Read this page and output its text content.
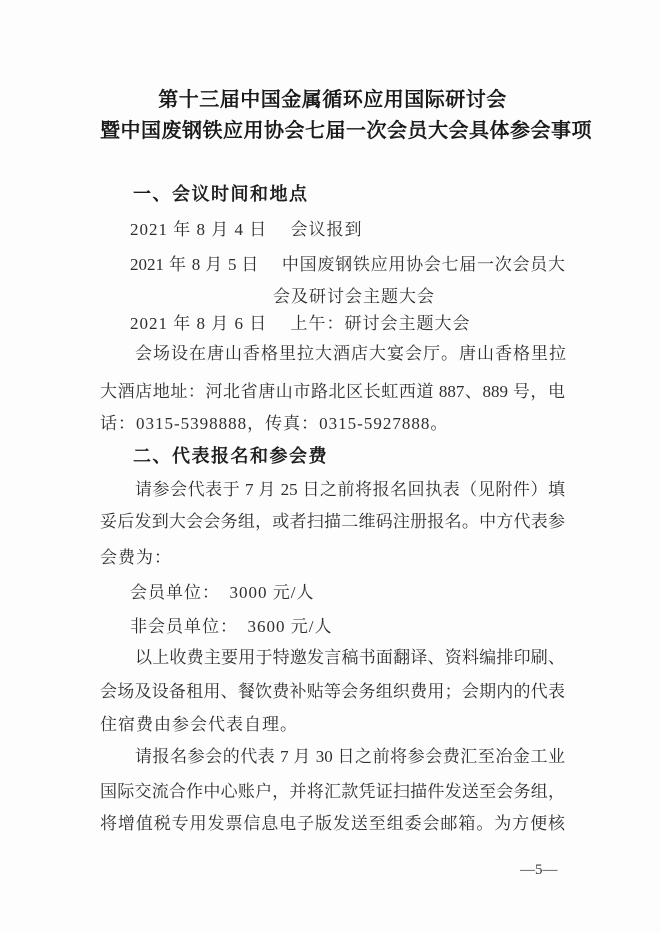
第十三届中国金属循环应用国际研讨会
暨中国废钢铁应用协会七届一次会员大会具体参会事项
一、会议时间和地点
2021 年 8 月 4 日　 会议报到
2021 年 8 月 5 日　 中国废钢铁应用协会七届一次会员大
会及研讨会主题大会
2021 年 8 月 6 日　 上午：研讨会主题大会
会场设在唐山香格里拉大酒店大宴会厅。唐山香格里拉
大酒店地址：河北省唐山市路北区长虹西道 887、889 号，电
话：0315-5398888，传真：0315-5927888。
二、代表报名和参会费
请参会代表于 7 月 25 日之前将报名回执表（见附件）填
妥后发到大会会务组，或者扫描二维码注册报名。中方代表参
会费为：
会员单位：　3000 元/人
非会员单位：　3600 元/人
以上收费主要用于特邀发言稿书面翻译、资料编排印刷、
会场及设备租用、餐饮费补贴等会务组织费用；会期内的代表
住宿费由参会代表自理。
请报名参会的代表 7 月 30 日之前将参会费汇至冶金工业
国际交流合作中心账户，并将汇款凭证扫描件发送至会务组，
将增值税专用发票信息电子版发送至组委会邮箱。为方便核
—5—
